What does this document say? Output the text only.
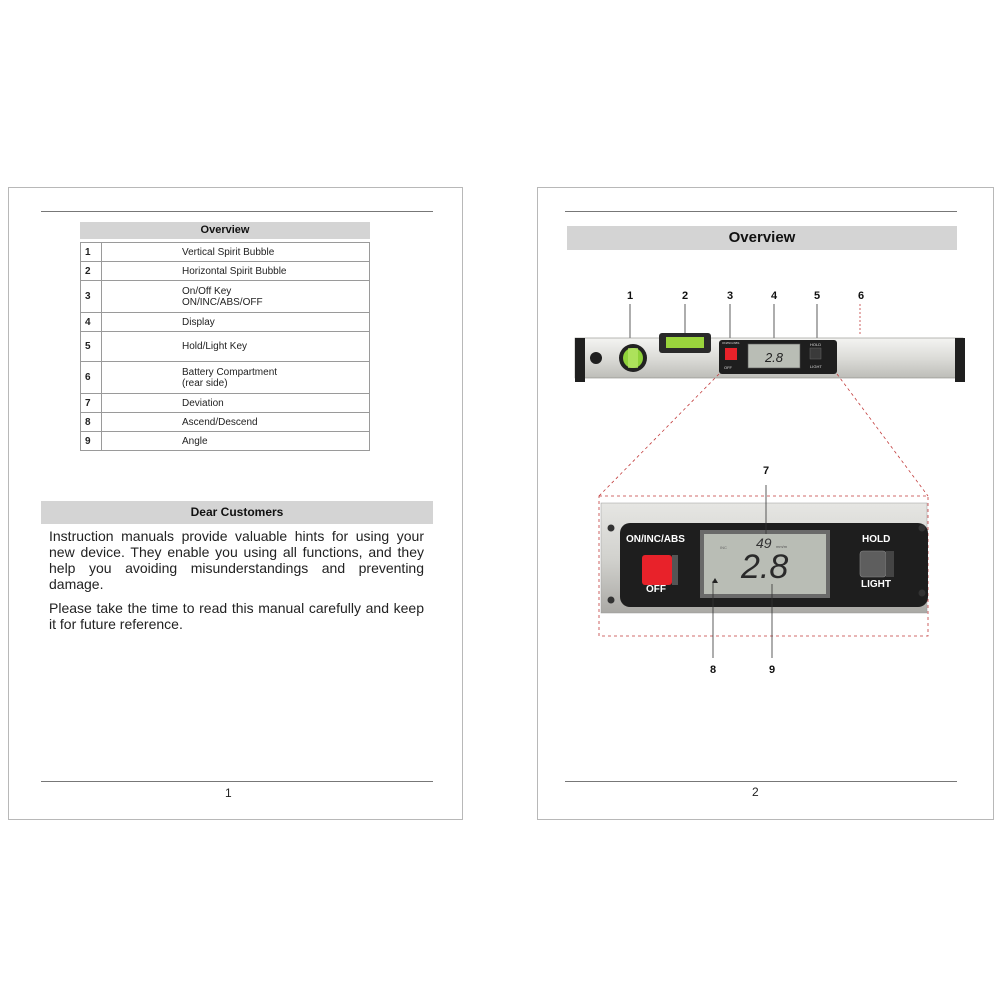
Overview
1	Vertical Spirit Bubble

2	Horizontal Spirit Bubble

3	On/Off Key
ON/INC/ABS/OFF

4	Display

5	Hold/Light Key

6	Battery Compartment
(rear side)

7	Deviation

8	Ascend/Descend

9	Angle
Dear Customers
Instruction manuals provide valuable hints for using your new device. They enable you using all functions, and they help you avoiding misunderstandings and preventing damage.
Please take the time to read this manual carefully and keep it for future reference.
1
Overview
1	2	3	4	5	6
2.8
ON/INC/ABS
OFF
HOLD
LIGHT
ON/INC/ABS
OFF
HOLD
LIGHT
INC 49 mm/m
2.8
7
8	9
2
